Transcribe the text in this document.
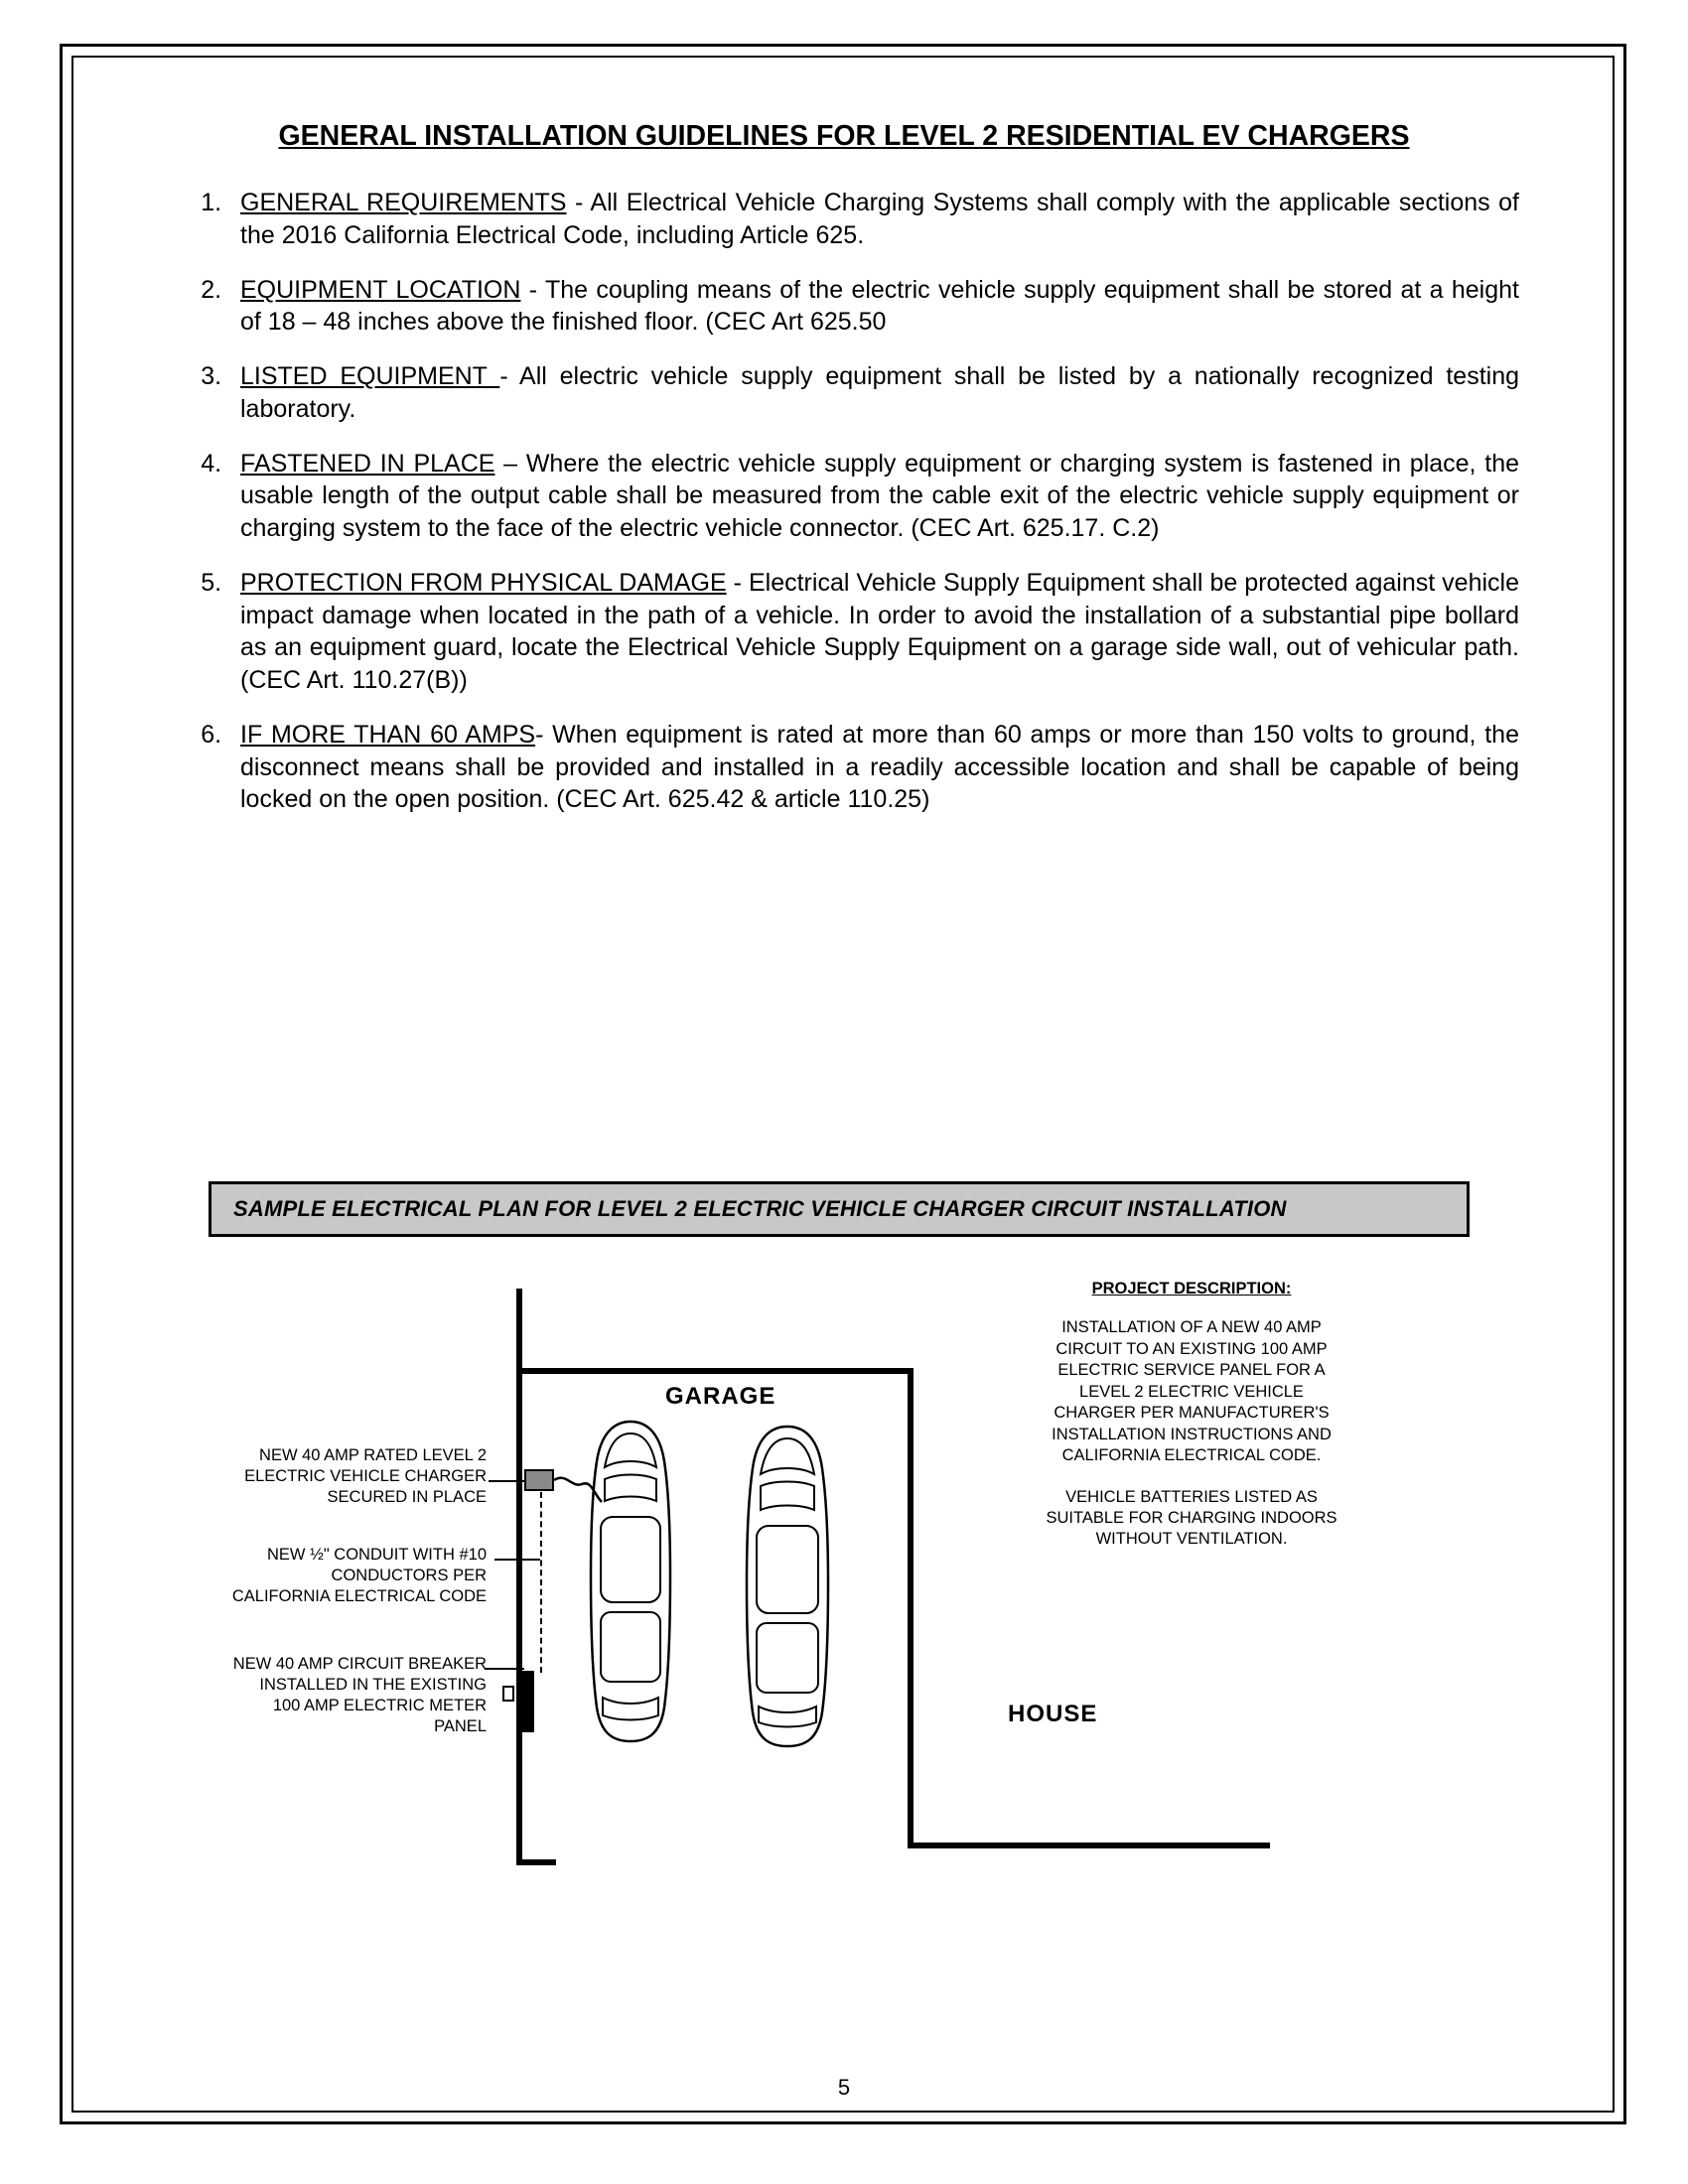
GENERAL INSTALLATION GUIDELINES FOR LEVEL 2 RESIDENTIAL EV CHARGERS
1. GENERAL REQUIREMENTS - All Electrical Vehicle Charging Systems shall comply with the applicable sections of the 2016 California Electrical Code, including Article 625.
2. EQUIPMENT LOCATION - The coupling means of the electric vehicle supply equipment shall be stored at a height of 18 – 48 inches above the finished floor. (CEC Art 625.50
3. LISTED EQUIPMENT - All electric vehicle supply equipment shall be listed by a nationally recognized testing laboratory.
4. FASTENED IN PLACE – Where the electric vehicle supply equipment or charging system is fastened in place, the usable length of the output cable shall be measured from the cable exit of the electric vehicle supply equipment or charging system to the face of the electric vehicle connector. (CEC Art. 625.17. C.2)
5. PROTECTION FROM PHYSICAL DAMAGE - Electrical Vehicle Supply Equipment shall be protected against vehicle impact damage when located in the path of a vehicle. In order to avoid the installation of a substantial pipe bollard as an equipment guard, locate the Electrical Vehicle Supply Equipment on a garage side wall, out of vehicular path. (CEC Art. 110.27(B))
6. IF MORE THAN 60 AMPS- When equipment is rated at more than 60 amps or more than 150 volts to ground, the disconnect means shall be provided and installed in a readily accessible location and shall be capable of being locked on the open position. (CEC Art. 625.42 & article 110.25)
SAMPLE ELECTRICAL PLAN FOR LEVEL 2 ELECTRIC VEHICLE CHARGER CIRCUIT INSTALLATION
GARAGE
HOUSE
NEW 40 AMP RATED LEVEL 2 ELECTRIC VEHICLE CHARGER SECURED IN PLACE
NEW ½" CONDUIT WITH #10 CONDUCTORS PER CALIFORNIA ELECTRICAL CODE
NEW 40 AMP CIRCUIT BREAKER INSTALLED IN THE EXISTING 100 AMP ELECTRIC METER PANEL
PROJECT DESCRIPTION:

INSTALLATION OF A NEW 40 AMP CIRCUIT TO AN EXISTING 100 AMP ELECTRIC SERVICE PANEL FOR A LEVEL 2 ELECTRIC VEHICLE CHARGER PER MANUFACTURER'S INSTALLATION INSTRUCTIONS AND CALIFORNIA ELECTRICAL CODE.

VEHICLE BATTERIES LISTED AS SUITABLE FOR CHARGING INDOORS WITHOUT VENTILATION.

5
